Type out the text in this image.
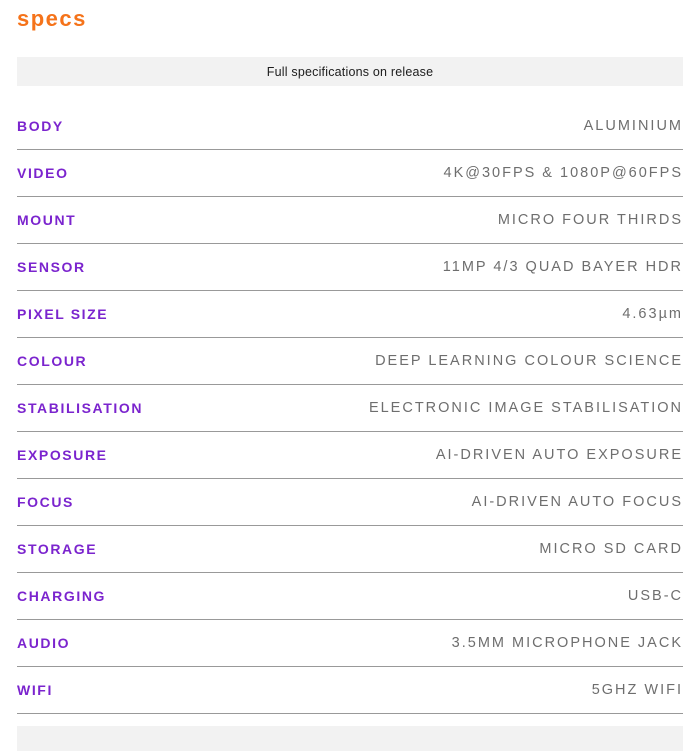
specs
Full specifications on release
BODY	ALUMINIUM
VIDEO	4K@30FPS & 1080P@60FPS
MOUNT	MICRO FOUR THIRDS
SENSOR	11MP 4/3 QUAD BAYER HDR
PIXEL SIZE	4.63µm
COLOUR	DEEP LEARNING COLOUR SCIENCE
STABILISATION	ELECTRONIC IMAGE STABILISATION
EXPOSURE	AI-DRIVEN AUTO EXPOSURE
FOCUS	AI-DRIVEN AUTO FOCUS
STORAGE	MICRO SD CARD
CHARGING	USB-C
AUDIO	3.5MM MICROPHONE JACK
WIFI	5GHZ WIFI
